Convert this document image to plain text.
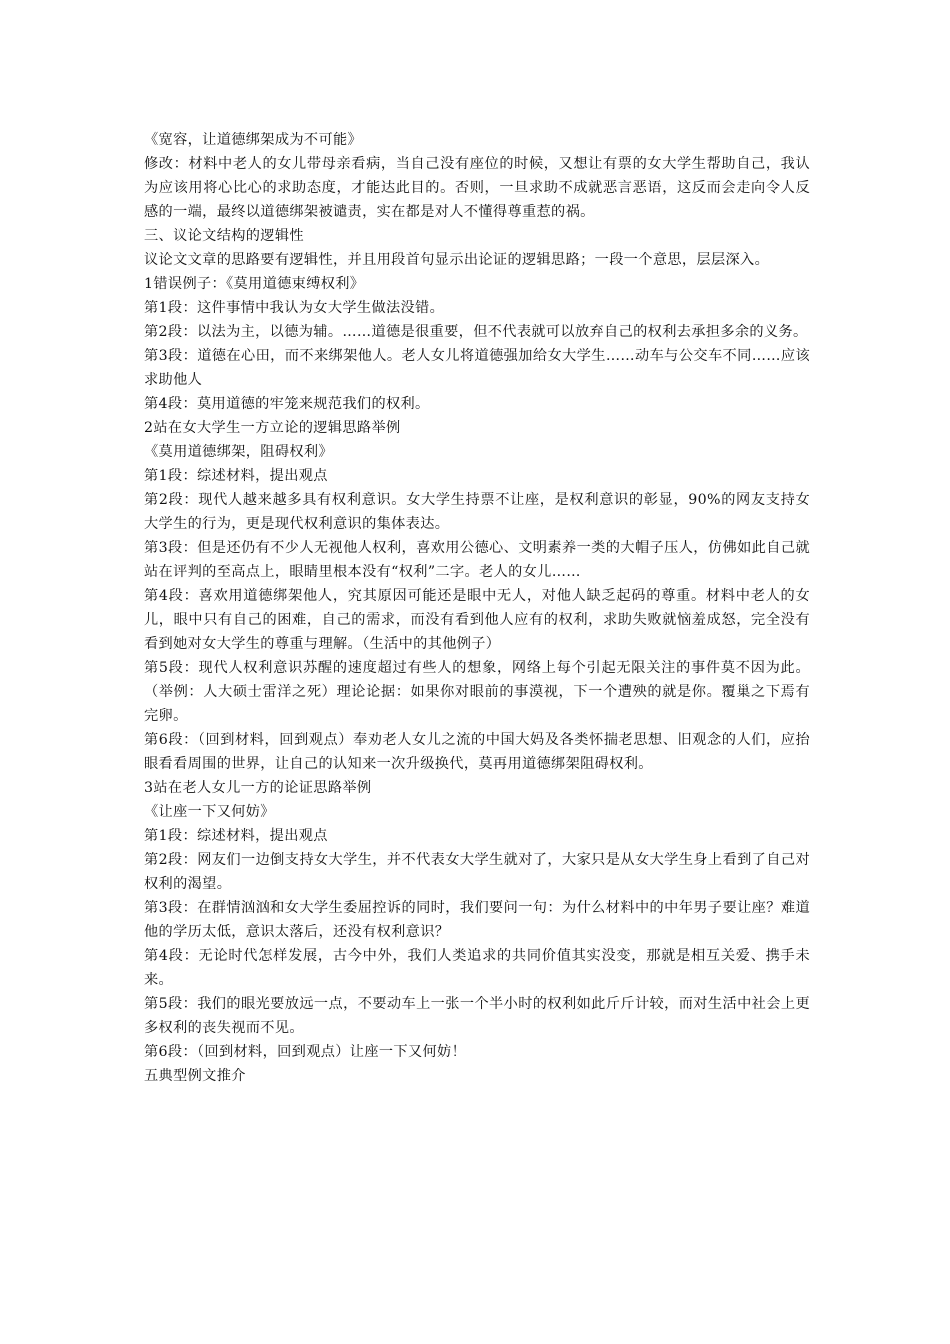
《宽容，让道德绑架成为不可能》

修改：材料中老人的女儿带母亲看病，当自己没有座位的时候，又想让有票的女大学生帮助自己，我认为应该用将心比心的求助态度，才能达此目的。否则，一旦求助不成就恶言恶语，这反而会走向令人反感的一端，最终以道德绑架被谴责，实在都是对人不懂得尊重惹的祸。

三、议论文结构的逻辑性

议论文文章的思路要有逻辑性，并且用段首句显示出论证的逻辑思路；一段一个意思，层层深入。

1错误例子：《莫用道德束缚权利》

第1段：这件事情中我认为女大学生做法没错。

第2段：以法为主，以德为辅。……道德是很重要，但不代表就可以放弃自己的权利去承担多余的义务。

第3段：道德在心田，而不来绑架他人。老人女儿将道德强加给女大学生……动车与公交车不同……应该求助他人

第4段：莫用道德的牢笼来规范我们的权利。

2站在女大学生一方立论的逻辑思路举例

《莫用道德绑架，阻碍权利》

第1段：综述材料，提出观点

第2段：现代人越来越多具有权利意识。女大学生持票不让座，是权利意识的彰显，90%的网友支持女大学生的行为，更是现代权利意识的集体表达。

第3段：但是还仍有不少人无视他人权利，喜欢用公德心、文明素养一类的大帽子压人，仿佛如此自己就站在评判的至高点上，眼睛里根本没有“权利”二字。老人的女儿……

第4段：喜欢用道德绑架他人，究其原因可能还是眼中无人，对他人缺乏起码的尊重。材料中老人的女儿，眼中只有自己的困难，自己的需求，而没有看到他人应有的权利，求助失败就恼羞成怒，完全没有看到她对女大学生的尊重与理解。（生活中的其他例子）

第5段：现代人权利意识苏醒的速度超过有些人的想象，网络上每个引起无限关注的事件莫不因为此。（举例：人大硕士雷洋之死）理论论据：如果你对眼前的事漠视，下一个遭殃的就是你。覆巢之下焉有完卵。

第6段：（回到材料，回到观点）奉劝老人女儿之流的中国大妈及各类怀揣老思想、旧观念的人们，应抬眼看看周围的世界，让自己的认知来一次升级换代，莫再用道德绑架阻碍权利。

3站在老人女儿一方的论证思路举例

《让座一下又何妨》

第1段：综述材料，提出观点

第2段：网友们一边倒支持女大学生，并不代表女大学生就对了，大家只是从女大学生身上看到了自己对权利的渴望。

第3段：在群情汹汹和女大学生委屈控诉的同时，我们要问一句：为什么材料中的中年男子要让座？难道他的学历太低，意识太落后，还没有权利意识？

第4段：无论时代怎样发展，古今中外，我们人类追求的共同价值其实没变，那就是相互关爱、携手未来。

第5段：我们的眼光要放远一点，不要动车上一张一个半小时的权利如此斤斤计较，而对生活中社会上更多权利的丧失视而不见。

第6段：（回到材料，回到观点）让座一下又何妨！

五典型例文推介
